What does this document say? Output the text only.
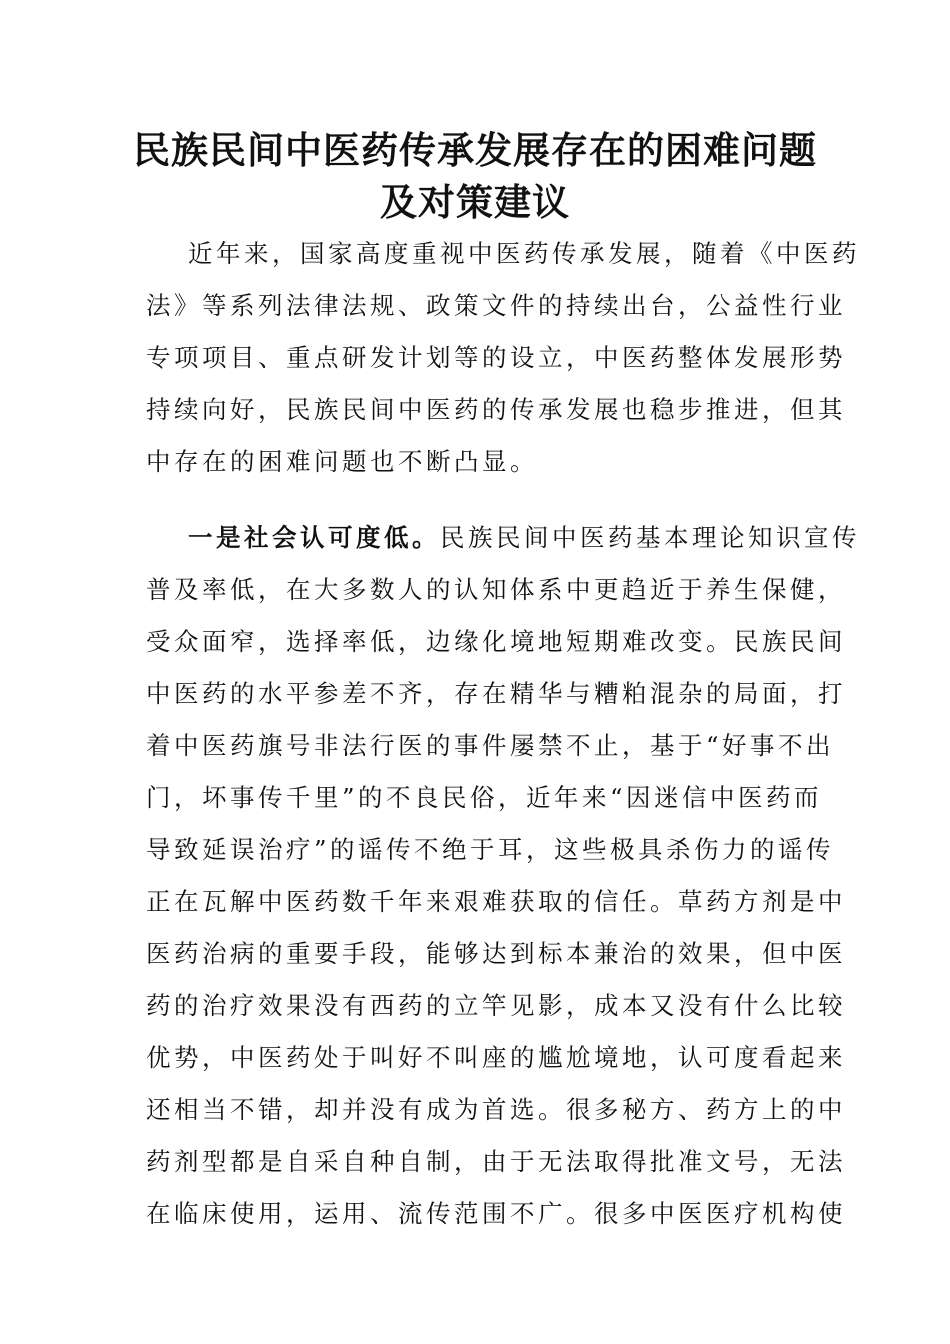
民族民间中医药传承发展存在的困难问题
及对策建议
近年来，国家高度重视中医药传承发展，随着《中医药
法》等系列法律法规、政策文件的持续出台，公益性行业
专项项目、重点研发计划等的设立，中医药整体发展形势
持续向好，民族民间中医药的传承发展也稳步推进，但其
中存在的困难问题也不断凸显。
一是社会认可度低。民族民间中医药基本理论知识宣传
普及率低，在大多数人的认知体系中更趋近于养生保健，
受众面窄，选择率低，边缘化境地短期难改变。民族民间
中医药的水平参差不齐，存在精华与糟粕混杂的局面，打
着中医药旗号非法行医的事件屡禁不止，基于“好事不出
门，坏事传千里”的不良民俗，近年来“因迷信中医药而
导致延误治疗”的谣传不绝于耳，这些极具杀伤力的谣传
正在瓦解中医药数千年来艰难获取的信任。草药方剂是中
医药治病的重要手段，能够达到标本兼治的效果，但中医
药的治疗效果没有西药的立竿见影，成本又没有什么比较
优势，中医药处于叫好不叫座的尴尬境地，认可度看起来
还相当不错，却并没有成为首选。很多秘方、药方上的中
药剂型都是自采自种自制，由于无法取得批准文号，无法
在临床使用，运用、流传范围不广。很多中医医疗机构使
